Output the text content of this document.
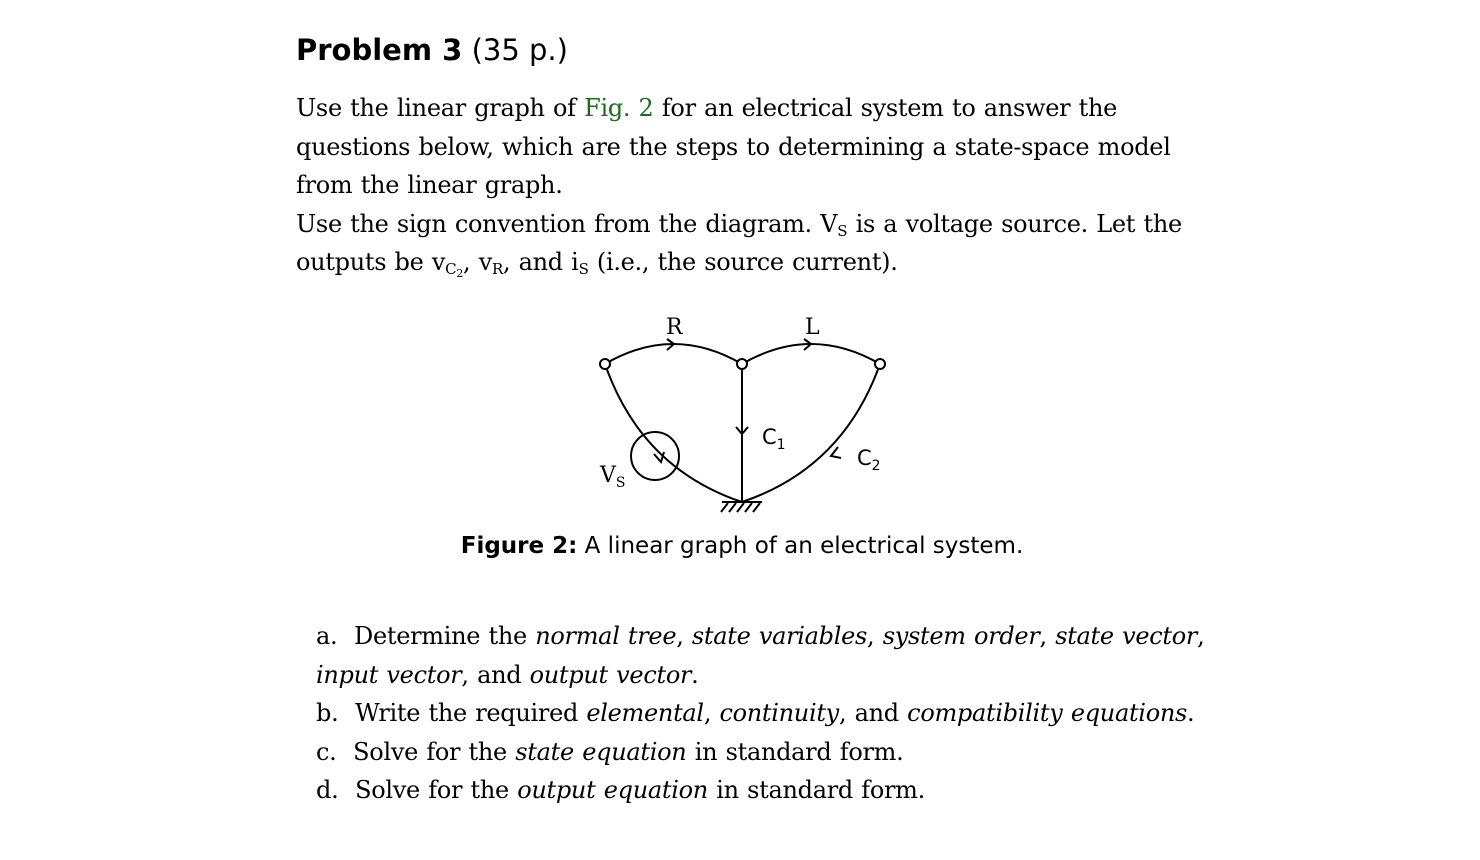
Problem 3 (35 p.)

Use the linear graph of Fig. 2 for an electrical system to answer the questions below, which are the steps to determining a state-space model from the linear graph.

Use the sign convention from the diagram. $V_S$ is a voltage source. Let the outputs be $v_{C_2}$, $v_R$, and $i_S$ (i.e., the source current).

R	L
$C_1$
$C_2$
$V_S$
Figure 2: A linear graph of an electrical system.
a. Determine the normal tree, state variables, system order, state vector, input vector, and output vector.
b. Write the required elemental, continuity, and compatibility equations.
c. Solve for the state equation in standard form.
d. Solve for the output equation in standard form.
